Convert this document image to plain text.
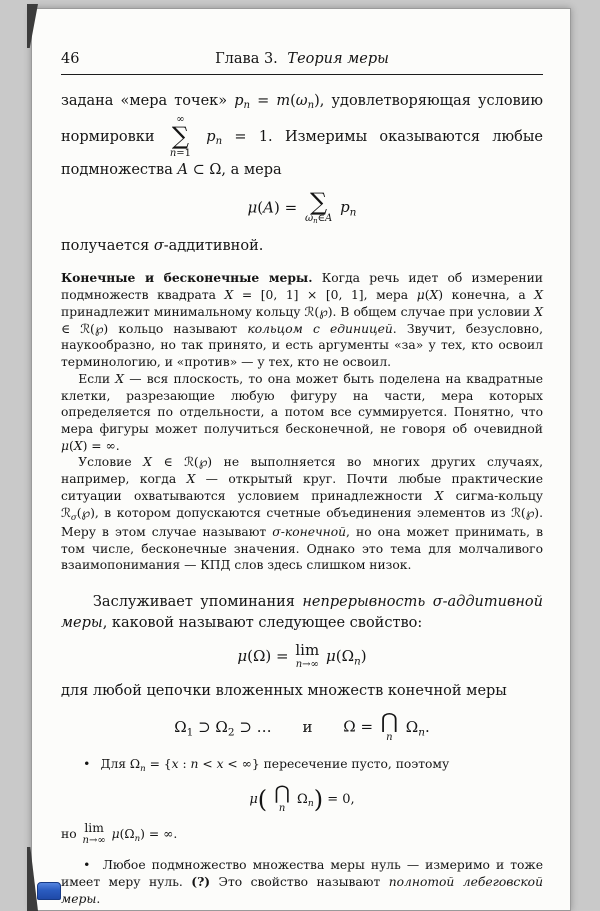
46	Глава 3. Теория меры

задана «мера точек» $p_n = m(\omega_n)$, удовлетворяющая условию нормировки
∞
∑
n=1
$p_n = 1$. Измеримы оказываются любые подмножества A ⊂ Ω, а мера

μ(A) = ∑
$\omega_n\in A$
$p_n$

получается σ-аддитивной.

Конечные и бесконечные меры. Когда речь идет об измерении подмножеств квадрата X = [0, 1] × [0, 1], мера μ(X) конечна, а X принадлежит минимальному кольцу ℛ(℘). В общем случае при условии X ∈ ℛ(℘) кольцо называют кольцом с единицей. Звучит, безусловно, наукообразно, но так принято, и есть аргументы «за» у тех, кто освоил терминологию, и «против» — у тех, кто не освоил.

Если X — вся плоскость, то она может быть поделена на квадратные клетки, разрезающие любую фигуру на части, мера которых определяется по отдельности, а потом все суммируется. Понятно, что мера фигуры может получиться бесконечной, не говоря об очевидной μ(X) = ∞.

Условие X ∈ ℛ(℘) не выполняется во многих других случаях, например, когда X — открытый круг. Почти любые практические ситуации охватываются условием принадлежности X сигма-кольцу ℛ$_\sigma$(℘), в котором допускаются счетные объединения элементов из ℛ(℘). Меру в этом случае называют σ-конечной, но она может принимать, в том числе, бесконечные значения. Однако это тема для молчаливого взаимопонимания — КПД слов здесь слишком низок.

Заслуживает упоминания непрерывность σ-аддитивной меры, каковой называют следующее свойство:

μ(Ω) = lim
n→∞ $\mu(\Omega_n)$

для любой цепочки вложенных множеств конечной меры

$\Omega_1$ ⊃ $\Omega_2$ ⊃ … и Ω = ⋂
n
$\Omega_n$.

• Для $\Omega_n = \{x$ : n < x < ∞} пересечение пусто, поэтому

μ( ⋂
n
$\Omega_n) = 0$,

но lim
n→∞ $\mu(\Omega_n)$ = ∞.

• Любое подмножество множества меры нуль — измеримо и тоже имеет меру нуль. (?) Это свойство называют полнотой лебеговской меры.
